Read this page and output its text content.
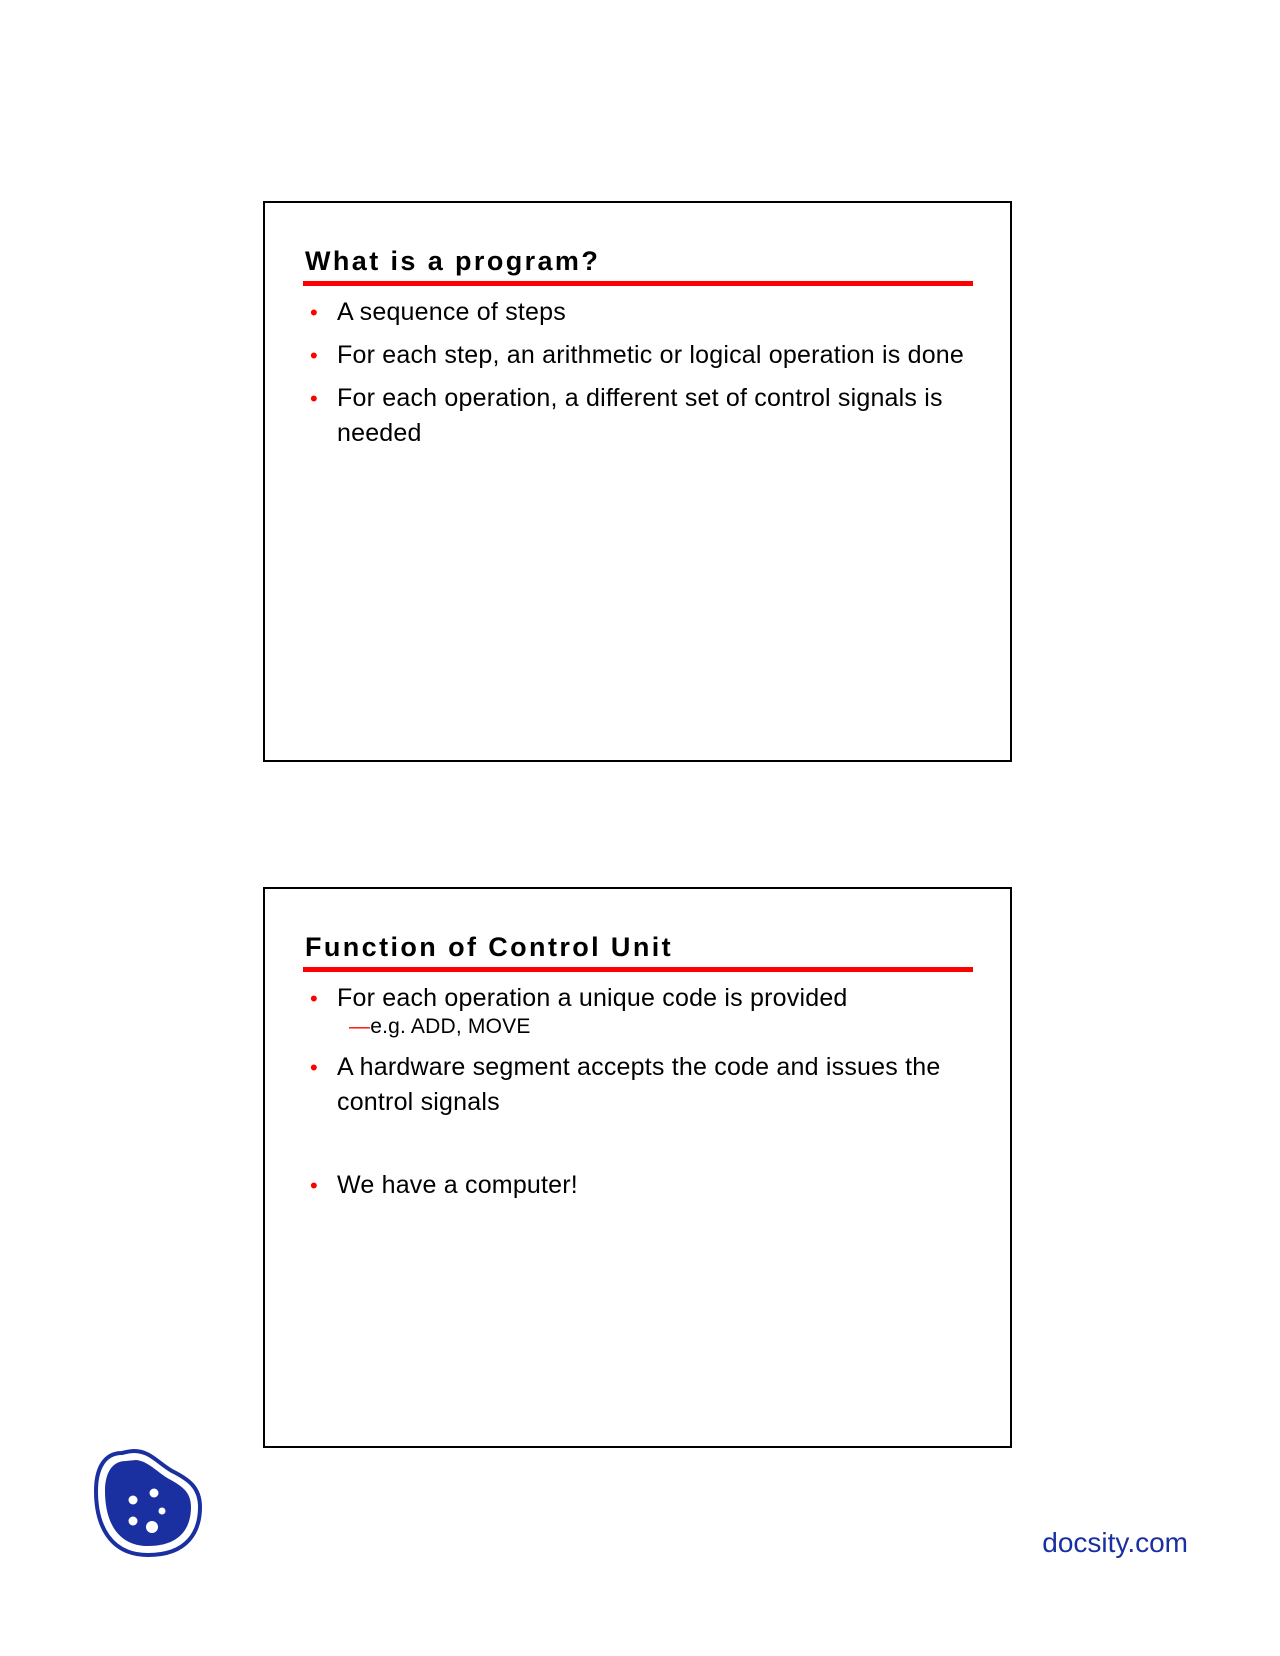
What is a program?
• A sequence of steps
• For each step, an arithmetic or logical operation is done
• For each operation, a different set of control signals is needed
Function of Control Unit
• For each operation a unique code is provided
—e.g. ADD, MOVE
• A hardware segment accepts the code and issues the control signals
• We have a computer!
docsity.com
